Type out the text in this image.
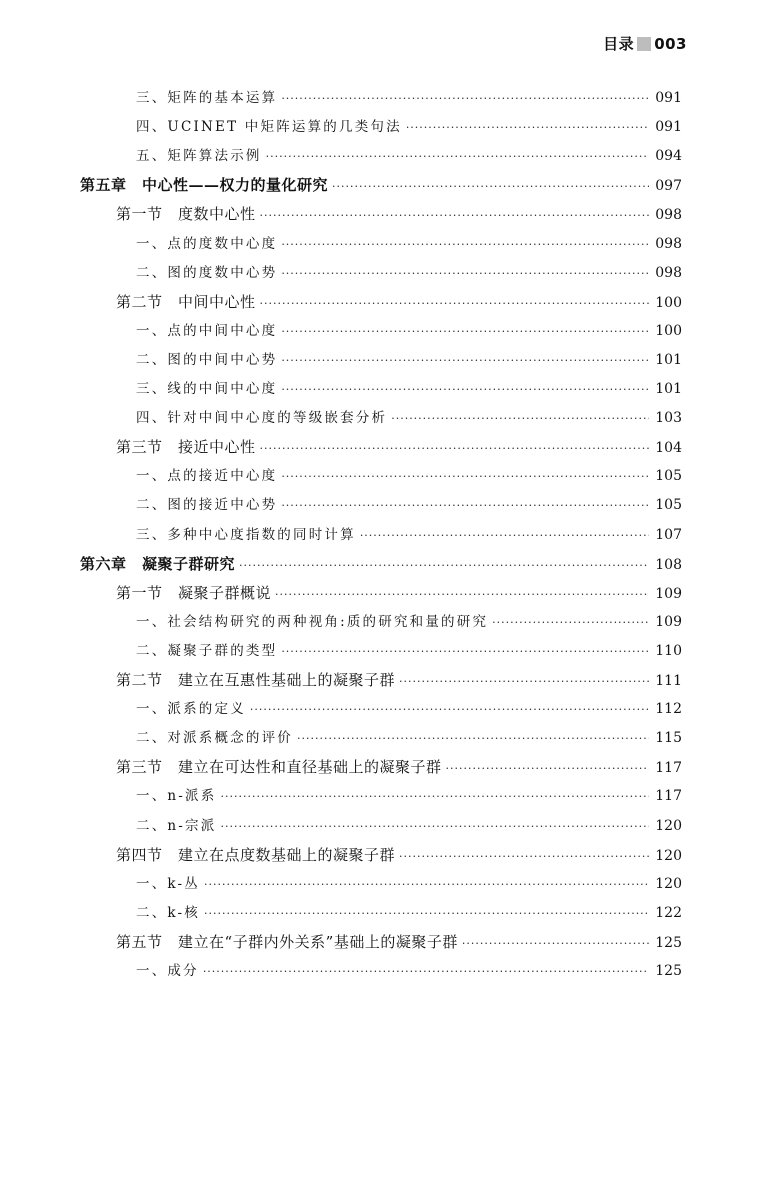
目录 003
三、矩阵的基本运算 ·····	091
四、UCINET 中矩阵运算的几类句法 ·····	091
五、矩阵算法示例 ·····	094
第五章　中心性——权力的量化研究 ·····	097
第一节　度数中心性 ·····	098
一、点的度数中心度 ·····	098
二、图的度数中心势 ·····	098
第二节　中间中心性 ·····	100
一、点的中间中心度 ·····	100
二、图的中间中心势 ·····	101
三、线的中间中心度 ·····	101
四、针对中间中心度的等级嵌套分析 ·····	103
第三节　接近中心性 ·····	104
一、点的接近中心度 ·····	105
二、图的接近中心势 ·····	105
三、多种中心度指数的同时计算 ·····	107
第六章　凝聚子群研究 ·····	108
第一节　凝聚子群概说 ·····	109
一、社会结构研究的两种视角:质的研究和量的研究 ·····	109
二、凝聚子群的类型 ·····	110
第二节　建立在互惠性基础上的凝聚子群 ·····	111
一、派系的定义 ·····	112
二、对派系概念的评价 ·····	115
第三节　建立在可达性和直径基础上的凝聚子群 ·····	117
一、n-派系 ·····	117
二、n-宗派 ·····	120
第四节　建立在点度数基础上的凝聚子群 ·····	120
一、k-丛 ·····	120
二、k-核 ·····	122
第五节　建立在“子群内外关系”基础上的凝聚子群 ·····	125
一、成分 ·····	125
